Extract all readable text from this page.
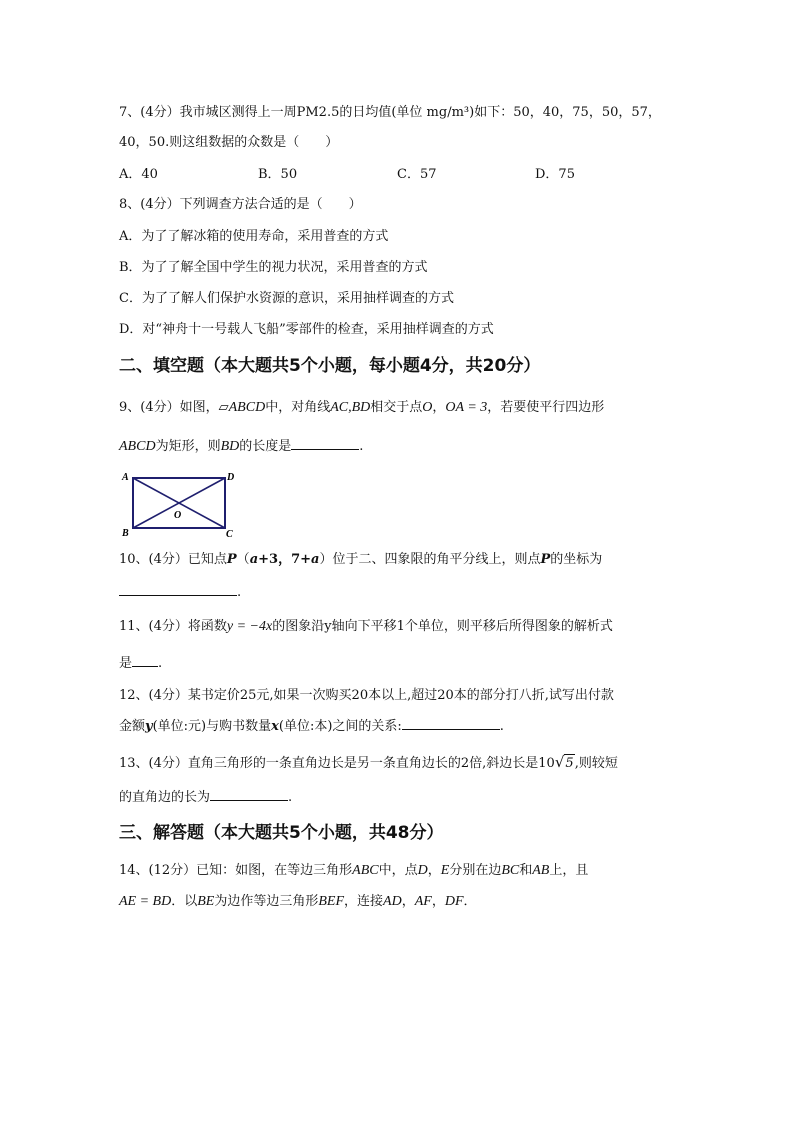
7、(4分）我市城区测得上一周PM2.5的日均值(单位 mg/m³)如下：50，40，75，50，57，
40，50.则这组数据的众数是（　　）
A．40	B．50	C．57	D．75
8、(4分）下列调查方法合适的是（　　）
A．为了了解冰箱的使用寿命，采用普查的方式
B．为了了解全国中学生的视力状况，采用普查的方式
C．为了了解人们保护水资源的意识，采用抽样调查的方式
D．对“神舟十一号载人飞船”零部件的检查，采用抽样调查的方式
二、填空题（本大题共5个小题，每小题4分，共20分）
9、(4分）如图，▱ABCD中，对角线AC,BD相交于点O，OA = 3，若要使平行四边形
ABCD为矩形，则BD的长度是	.
A	D
B	C
O
10、(4分）已知点P（a+3，7+a）位于二、四象限的角平分线上，则点P的坐标为
.
11、(4分）将函数y = −4x的图象沿y轴向下平移1个单位，则平移后所得图象的解析式
是 .
12、(4分）某书定价25元,如果一次购买20本以上,超过20本的部分打八折,试写出付款
金额y(单位:元)与购书数量x(单位:本)之间的关系:	.
13、(4分）直角三角形的一条直角边长是另一条直角边长的2倍,斜边长是10√5,则较短
的直角边的长为	.
三、解答题（本大题共5个小题，共48分）
14、(12分）已知：如图，在等边三角形ABC中，点D，E分别在边BC和AB上，且
AE = BD．以BE为边作等边三角形BEF，连接AD，AF，DF．
